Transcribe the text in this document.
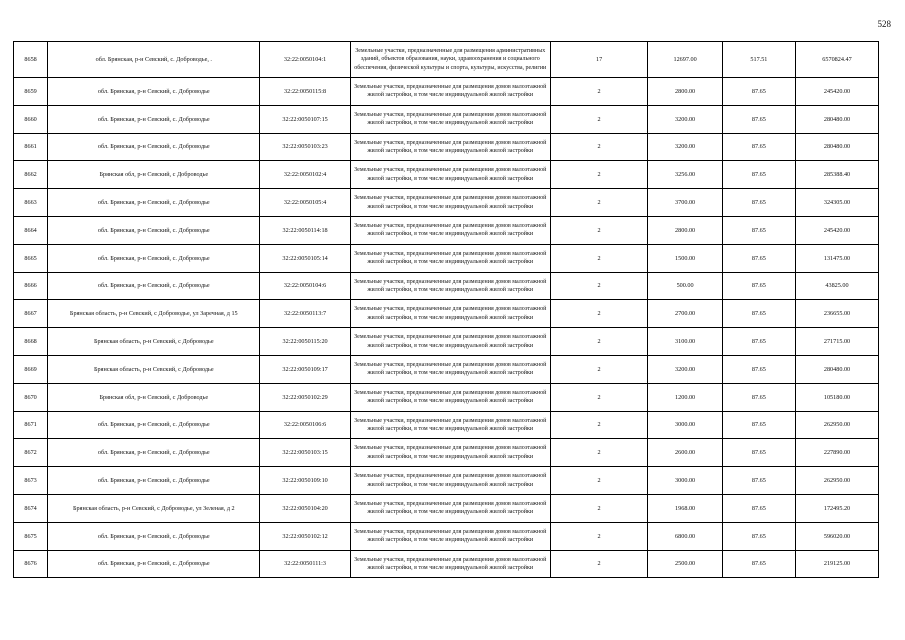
528
8658	обл. Брянская, р-н Севский, с. Доброводье, .	32:22:0050104:1	Земельные участки, предназначенные для размещения административных зданий, объектов образования, науки, здравоохранения и социального обеспечения, физической культуры и спорта, культуры, искусства, религии	17	12697.00	517.51	6570824.47
8659	обл. Брянская, р-н Севский, с. Доброводье	32:22:0050115:8	Земельные участки, предназначенные для размещения домов малоэтажной жилой застройки, в том числе индивидуальной жилой застройки	2	2800.00	87.65	245420.00
8660	обл. Брянская, р-н Севский, с. Доброводье	32:22:0050107:15	Земельные участки, предназначенные для размещения домов малоэтажной жилой застройки, в том числе индивидуальной жилой застройки	2	3200.00	87.65	280480.00
8661	обл. Брянская, р-н Севский, с. Доброводье	32:22:0050103:23	Земельные участки, предназначенные для размещения домов малоэтажной жилой застройки, в том числе индивидуальной жилой застройки	2	3200.00	87.65	280480.00
8662	Брянская обл, р-н Севский, с Доброводье	32:22:0050102:4	Земельные участки, предназначенные для размещения домов малоэтажной жилой застройки, в том числе индивидуальной жилой застройки	2	3256.00	87.65	285388.40
8663	обл. Брянская, р-н Севский, с. Доброводье	32:22:0050105:4	Земельные участки, предназначенные для размещения домов малоэтажной жилой застройки, в том числе индивидуальной жилой застройки	2	3700.00	87.65	324305.00
8664	обл. Брянская, р-н Севский, с. Доброводье	32:22:0050114:18	Земельные участки, предназначенные для размещения домов малоэтажной жилой застройки, в том числе индивидуальной жилой застройки	2	2800.00	87.65	245420.00
8665	обл. Брянская, р-н Севский, с. Доброводье	32:22:0050105:14	Земельные участки, предназначенные для размещения домов малоэтажной жилой застройки, в том числе индивидуальной жилой застройки	2	1500.00	87.65	131475.00
8666	обл. Брянская, р-н Севский, с. Доброводье	32:22:0050104:6	Земельные участки, предназначенные для размещения домов малоэтажной жилой застройки, в том числе индивидуальной жилой застройки	2	500.00	87.65	43825.00
8667	Брянская область, р-н Севский, с Доброводье, ул Заречная, д 15	32:22:0050113:7	Земельные участки, предназначенные для размещения домов малоэтажной жилой застройки, в том числе индивидуальной жилой застройки	2	2700.00	87.65	236655.00
8668	Брянская область, р-н Севский, с Доброводье	32:22:0050115:20	Земельные участки, предназначенные для размещения домов малоэтажной жилой застройки, в том числе индивидуальной жилой застройки	2	3100.00	87.65	271715.00
8669	Брянская область, р-н Севский, с Доброводье	32:22:0050109:17	Земельные участки, предназначенные для размещения домов малоэтажной жилой застройки, в том числе индивидуальной жилой застройки	2	3200.00	87.65	280480.00
8670	Брянская обл, р-н Севский, с Доброводье	32:22:0050102:29	Земельные участки, предназначенные для размещения домов малоэтажной жилой застройки, в том числе индивидуальной жилой застройки	2	1200.00	87.65	105180.00
8671	обл. Брянская, р-н Севский, с. Доброводье	32:22:0050106:6	Земельные участки, предназначенные для размещения домов малоэтажной жилой застройки, в том числе индивидуальной жилой застройки	2	3000.00	87.65	262950.00
8672	обл. Брянская, р-н Севский, с. Доброводье	32:22:0050103:15	Земельные участки, предназначенные для размещения домов малоэтажной жилой застройки, в том числе индивидуальной жилой застройки	2	2600.00	87.65	227890.00
8673	обл. Брянская, р-н Севский, с. Доброводье	32:22:0050109:10	Земельные участки, предназначенные для размещения домов малоэтажной жилой застройки, в том числе индивидуальной жилой застройки	2	3000.00	87.65	262950.00
8674	Брянская область, р-н Севский, с Доброводье, ул Зеленая, д 2	32:22:0050104:20	Земельные участки, предназначенные для размещения домов малоэтажной жилой застройки, в том числе индивидуальной жилой застройки	2	1968.00	87.65	172495.20
8675	обл. Брянская, р-н Севский, с. Доброводье	32:22:0050102:12	Земельные участки, предназначенные для размещения домов малоэтажной жилой застройки, в том числе индивидуальной жилой застройки	2	6800.00	87.65	596020.00
8676	обл. Брянская, р-н Севский, с. Доброводье	32:22:0050111:3	Земельные участки, предназначенные для размещения домов малоэтажной жилой застройки, в том числе индивидуальной жилой застройки	2	2500.00	87.65	219125.00
